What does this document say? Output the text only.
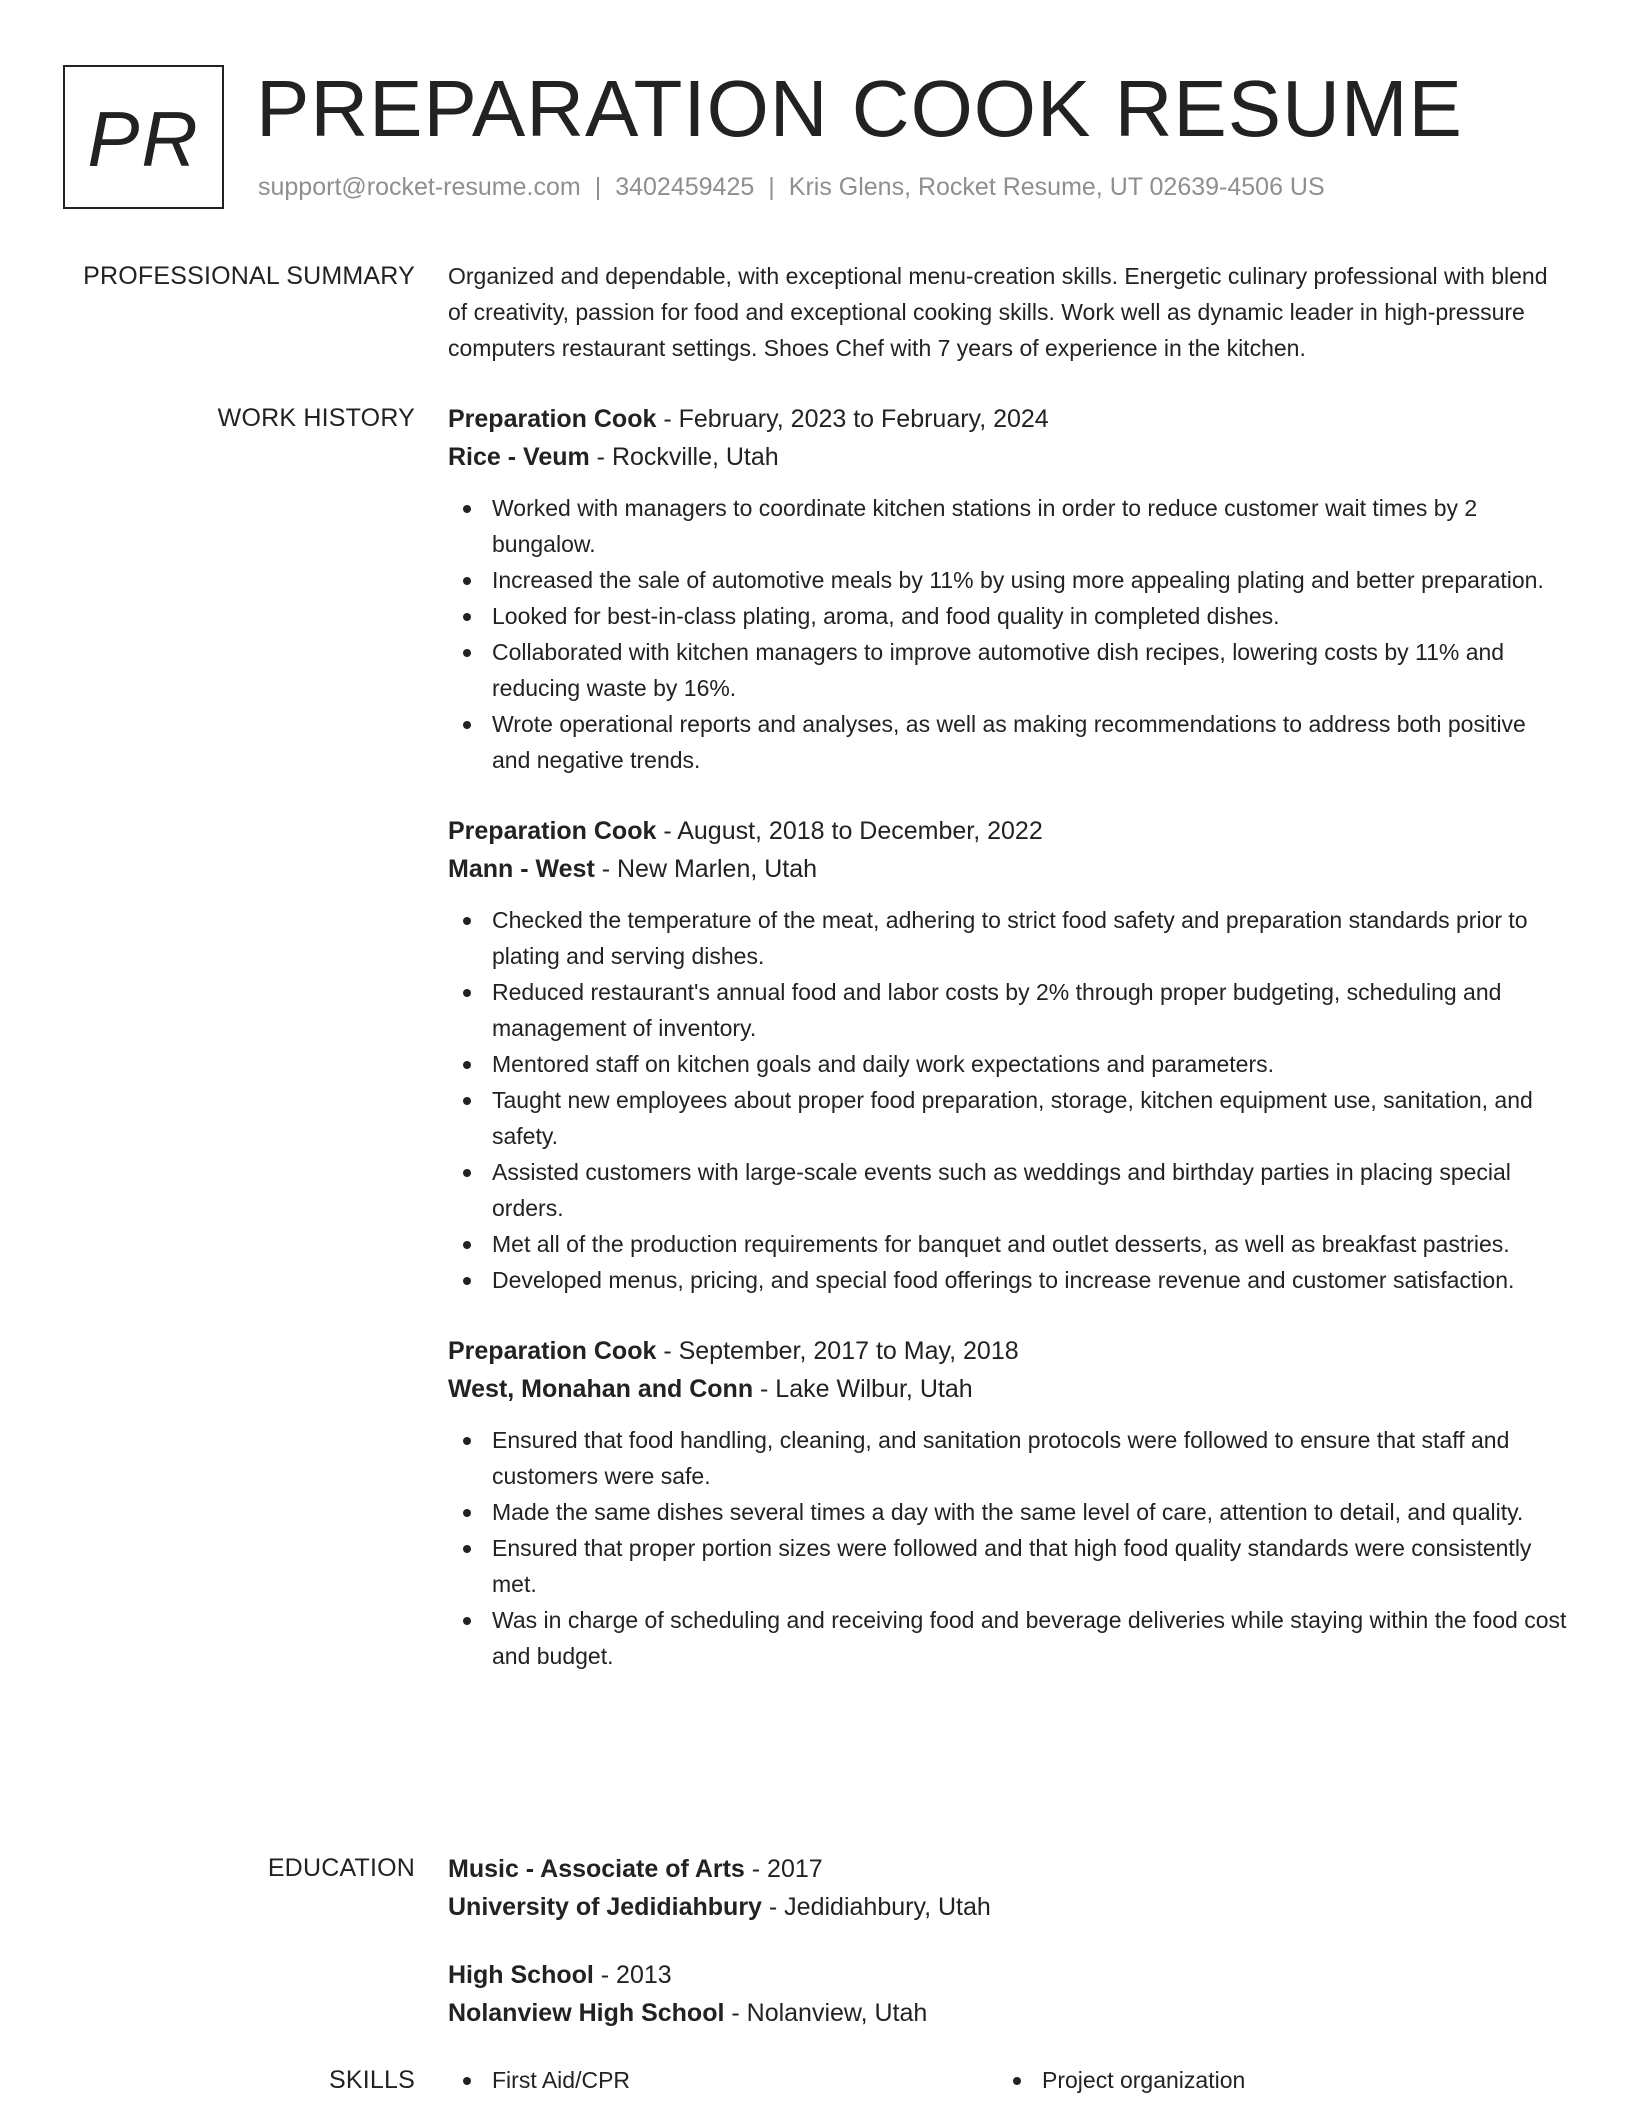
PR PREPARATION COOK RESUME
support@rocket-resume.com | 3402459425 | Kris Glens, Rocket Resume, UT 02639-4506 US
PROFESSIONAL SUMMARY Organized and dependable, with exceptional menu-creation skills. Energetic culinary professional with blend of creativity, passion for food and exceptional cooking skills. Work well as dynamic leader in high-pressure computers restaurant settings. Shoes Chef with 7 years of experience in the kitchen.

WORK HISTORY Preparation Cook - February, 2023 to February, 2024
Rice - Veum - Rockville, Utah
Worked with managers to coordinate kitchen stations in order to reduce customer wait times by 2 bungalow.
Increased the sale of automotive meals by 11% by using more appealing plating and better preparation.
Looked for best-in-class plating, aroma, and food quality in completed dishes.
Collaborated with kitchen managers to improve automotive dish recipes, lowering costs by 11% and reducing waste by 16%.
Wrote operational reports and analyses, as well as making recommendations to address both positive and negative trends.
Preparation Cook - August, 2018 to December, 2022
Mann - West - New Marlen, Utah
Checked the temperature of the meat, adhering to strict food safety and preparation standards prior to plating and serving dishes.
Reduced restaurant's annual food and labor costs by 2% through proper budgeting, scheduling and management of inventory.
Mentored staff on kitchen goals and daily work expectations and parameters.
Taught new employees about proper food preparation, storage, kitchen equipment use, sanitation, and safety.
Assisted customers with large-scale events such as weddings and birthday parties in placing special orders.
Met all of the production requirements for banquet and outlet desserts, as well as breakfast pastries.
Developed menus, pricing, and special food offerings to increase revenue and customer satisfaction.
Preparation Cook - September, 2017 to May, 2018
West, Monahan and Conn - Lake Wilbur, Utah
Ensured that food handling, cleaning, and sanitation protocols were followed to ensure that staff and customers were safe.
Made the same dishes several times a day with the same level of care, attention to detail, and quality.
Ensured that proper portion sizes were followed and that high food quality standards were consistently met.
Was in charge of scheduling and receiving food and beverage deliveries while staying within the food cost and budget.
EDUCATION Music - Associate of Arts - 2017
University of Jedidiahbury - Jedidiahbury, Utah
High School - 2013
Nolanview High School - Nolanview, Utah
SKILLS	First Aid/CPR	Project organization
